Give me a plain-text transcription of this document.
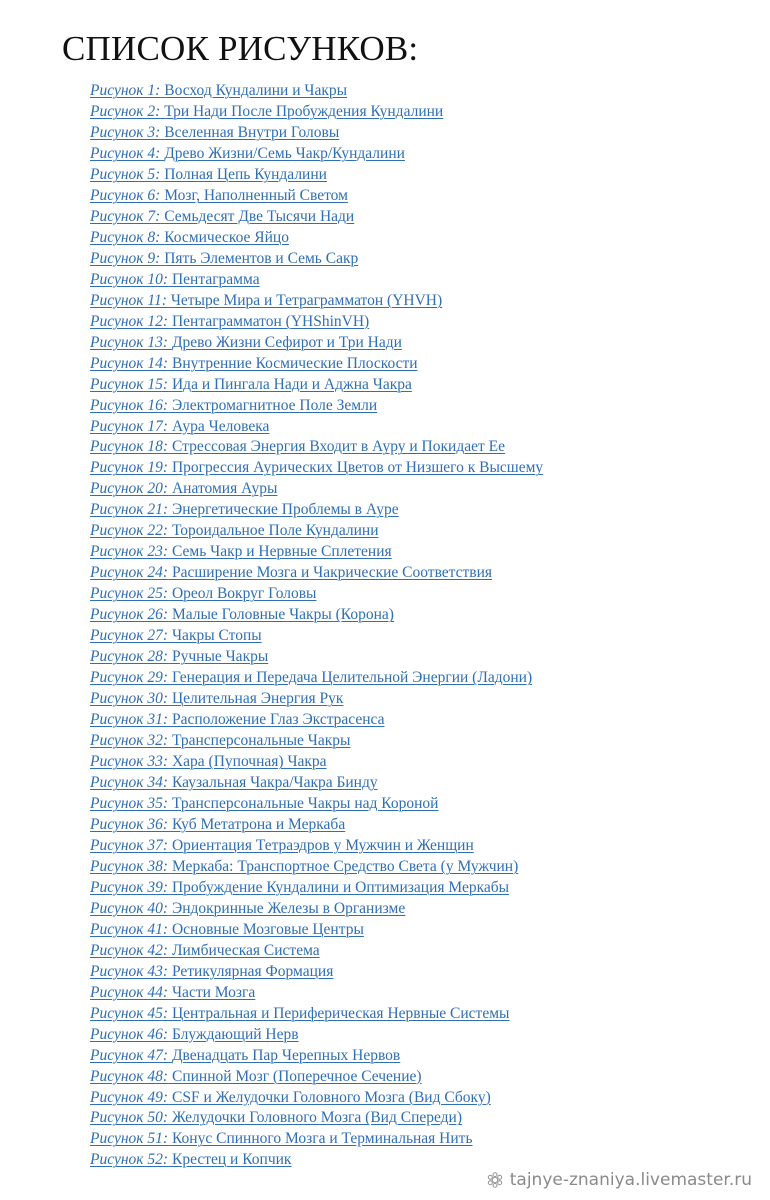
СПИСОК РИСУНКОВ:
Рисунок 1: Восход Кундалини и Чакры
Рисунок 2: Три Нади После Пробуждения Кундалини
Рисунок 3: Вселенная Внутри Головы
Рисунок 4: Древо Жизни/Семь Чакр/Кундалини
Рисунок 5: Полная Цепь Кундалини
Рисунок 6: Мозг, Наполненный Светом
Рисунок 7: Семьдесят Две Тысячи Нади
Рисунок 8: Космическое Яйцо
Рисунок 9: Пять Элементов и Семь Сакр
Рисунок 10: Пентаграмма
Рисунок 11: Четыре Мира и Тетраграмматон (YHVH)
Рисунок 12: Пентаграмматон (YHShinVH)
Рисунок 13: Древо Жизни Сефирот и Три Нади
Рисунок 14: Внутренние Космические Плоскости
Рисунок 15: Ида и Пингала Нади и Аджна Чакра
Рисунок 16: Электромагнитное Поле Земли
Рисунок 17: Аура Человека
Рисунок 18: Стрессовая Энергия Входит в Ауру и Покидает Ее
Рисунок 19: Прогрессия Аурических Цветов от Низшего к Высшему
Рисунок 20: Анатомия Ауры
Рисунок 21: Энергетические Проблемы в Ауре
Рисунок 22: Тороидальное Поле Кундалини
Рисунок 23: Семь Чакр и Нервные Сплетения
Рисунок 24: Расширение Мозга и Чакрические Соответствия
Рисунок 25: Ореол Вокруг Головы
Рисунок 26: Малые Головные Чакры (Корона)
Рисунок 27: Чакры Стопы
Рисунок 28: Ручные Чакры
Рисунок 29: Генерация и Передача Целительной Энергии (Ладони)
Рисунок 30: Целительная Энергия Рук
Рисунок 31: Расположение Глаз Экстрасенса
Рисунок 32: Трансперсональные Чакры
Рисунок 33: Хара (Пупочная) Чакра
Рисунок 34: Каузальная Чакра/Чакра Бинду
Рисунок 35: Трансперсональные Чакры над Короной
Рисунок 36: Куб Метатрона и Меркаба
Рисунок 37: Ориентация Тетраэдров у Мужчин и Женщин
Рисунок 38: Меркаба: Транспортное Средство Света (у Мужчин)
Рисунок 39: Пробуждение Кундалини и Оптимизация Меркабы
Рисунок 40: Эндокринные Железы в Организме
Рисунок 41: Основные Мозговые Центры
Рисунок 42: Лимбическая Система
Рисунок 43: Ретикулярная Формация
Рисунок 44: Части Мозга
Рисунок 45: Центральная и Периферическая Нервные Системы
Рисунок 46: Блуждающий Нерв
Рисунок 47: Двенадцать Пар Черепных Нервов
Рисунок 48: Спинной Мозг (Поперечное Сечение)
Рисунок 49: CSF и Желудочки Головного Мозга (Вид Сбоку)
Рисунок 50: Желудочки Головного Мозга (Вид Спереди)
Рисунок 51: Конус Спинного Мозга и Терминальная Нить
Рисунок 52: Крестец и Копчик
tajnye-znaniya.livemaster.ru
